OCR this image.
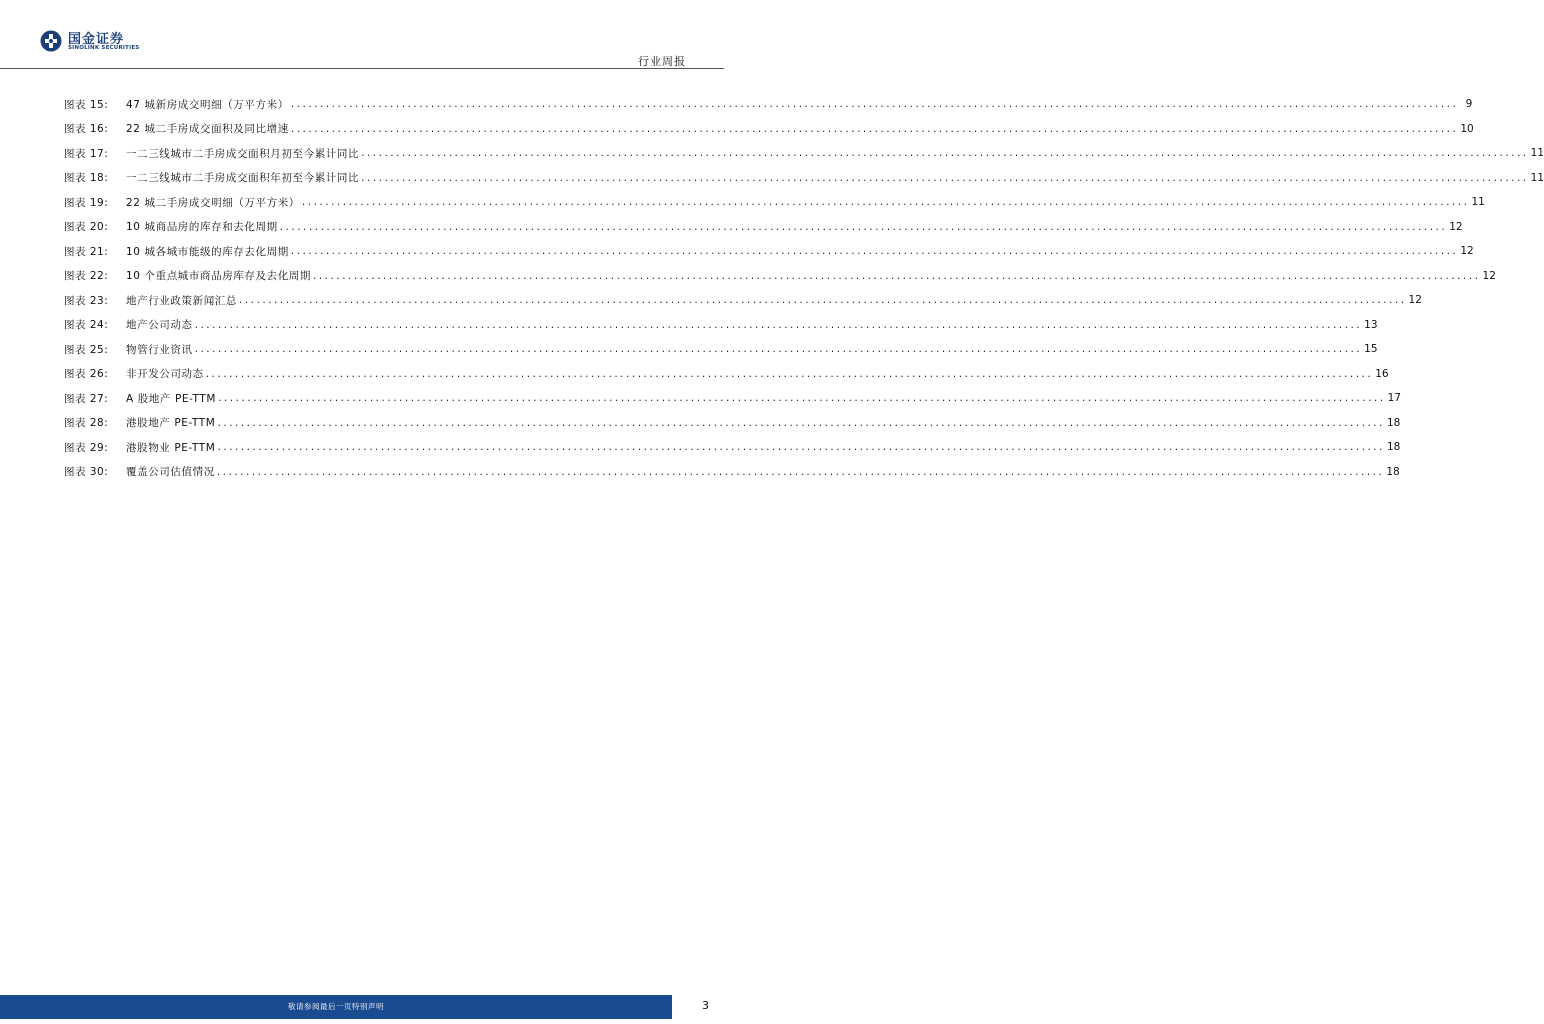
国金证券
SINOLINK SECURITIES
行业周报
图表 15:	47 城新房成交明细（万平方米） ........................................................................................................................................................................................................ 9
图表 16:	22 城二手房成交面积及同比增速 ........................................................................................................................................................................................................ 10
图表 17:	一二三线城市二手房成交面积月初至今累计同比 ........................................................................................................................................................................................................ 11
图表 18:	一二三线城市二手房成交面积年初至今累计同比 ........................................................................................................................................................................................................ 11
图表 19:	22 城二手房成交明细（万平方米） ........................................................................................................................................................................................................ 11
图表 20:	10 城商品房的库存和去化周期 ........................................................................................................................................................................................................ 12
图表 21:	10 城各城市能级的库存去化周期 ........................................................................................................................................................................................................ 12
图表 22:	10 个重点城市商品房库存及去化周期 ........................................................................................................................................................................................................ 12
图表 23:	地产行业政策新闻汇总 ........................................................................................................................................................................................................ 12
图表 24:	地产公司动态 ........................................................................................................................................................................................................ 13
图表 25:	物管行业资讯 ........................................................................................................................................................................................................ 15
图表 26:	非开发公司动态 ........................................................................................................................................................................................................ 16
图表 27:	A 股地产 PE-TTM ........................................................................................................................................................................................................ 17
图表 28:	港股地产 PE-TTM ........................................................................................................................................................................................................ 18
图表 29:	港股物业 PE-TTM ........................................................................................................................................................................................................ 18
图表 30:	覆盖公司估值情况 ........................................................................................................................................................................................................ 18
敬请参阅最后一页特别声明	3
